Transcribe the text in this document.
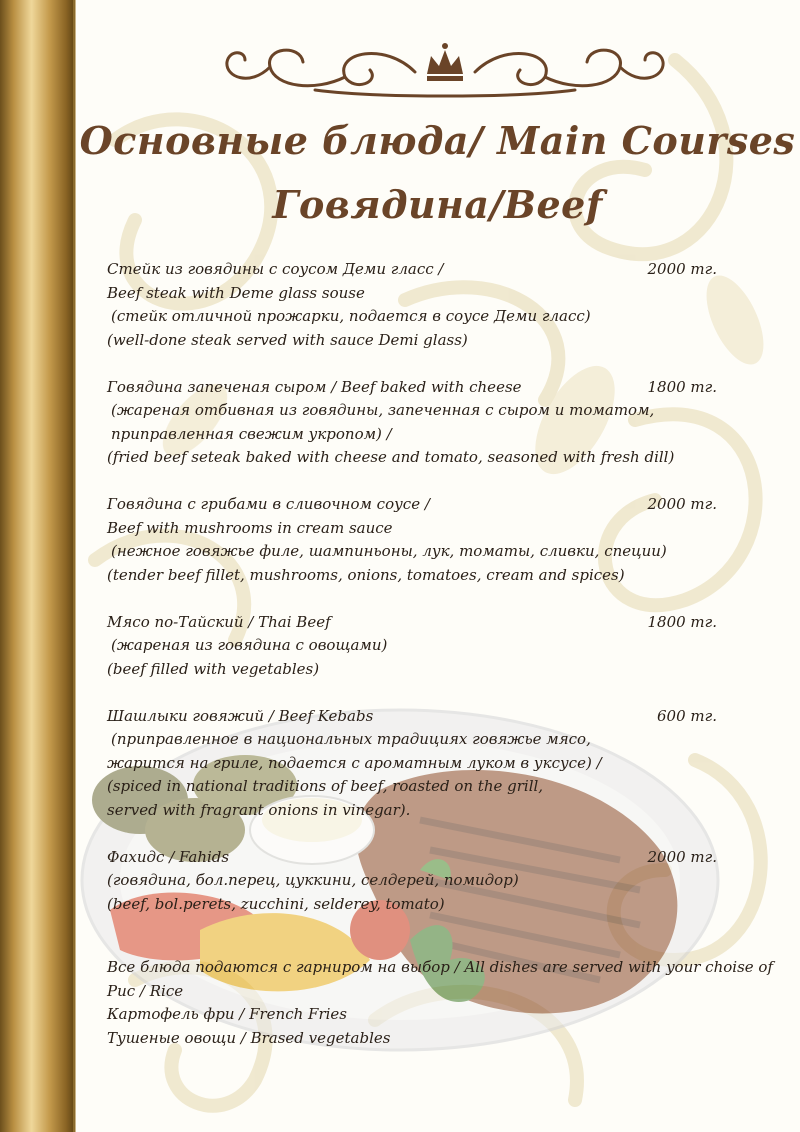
Основные блюда/ Main Courses
Говядина/Beef
2000 тг.
Стейк из говядины с соусом Деми гласс /
Beef steak with Deme glass souse
(стейк отличной прожарки, подается в соусе Деми гласс)
(well-done steak served with sauce Demi glass)
1800 тг.
Говядина запеченая сыром / Beef baked with cheese
(жареная отбивная из говядины, запеченная с сыром и томатом,
приправленная свежим укропом) /
(fried beef seteak baked with cheese and tomato, seasoned with fresh dill)
2000 тг.
Говядина с грибами в сливочном соусе /
Beef with mushrooms in cream sauce
(нежное говяжье филе, шампиньоны, лук, томаты, сливки, специи)
(tender beef fillet, mushrooms, onions, tomatoes, cream and spices)
1800 тг.
Мясо по-Тайский / Thai Beef
(жареная из говядина с овощами)
(beef filled with vegetables)
600 тг.
Шашлыки говяжий / Beef Kebabs
(приправленное в национальных традициях говяжье мясо,
жарится на гриле, подается с ароматным луком в уксусе) /
(spiced in national traditions of beef, roasted on the grill,
served with fragrant onions in vinegar).
2000 тг.
Фахидс / Fahids
(говядина, бол.перец, цуккини, селдерей, помидор)
(beef, bol.perets, zucchini, selderey, tomato)
Все блюда подаются с гарниром на выбор / All dishes are served with your choise of
Рис / Rice
Картофель фри / French Fries
Тушеные овощи / Brased vegetables
